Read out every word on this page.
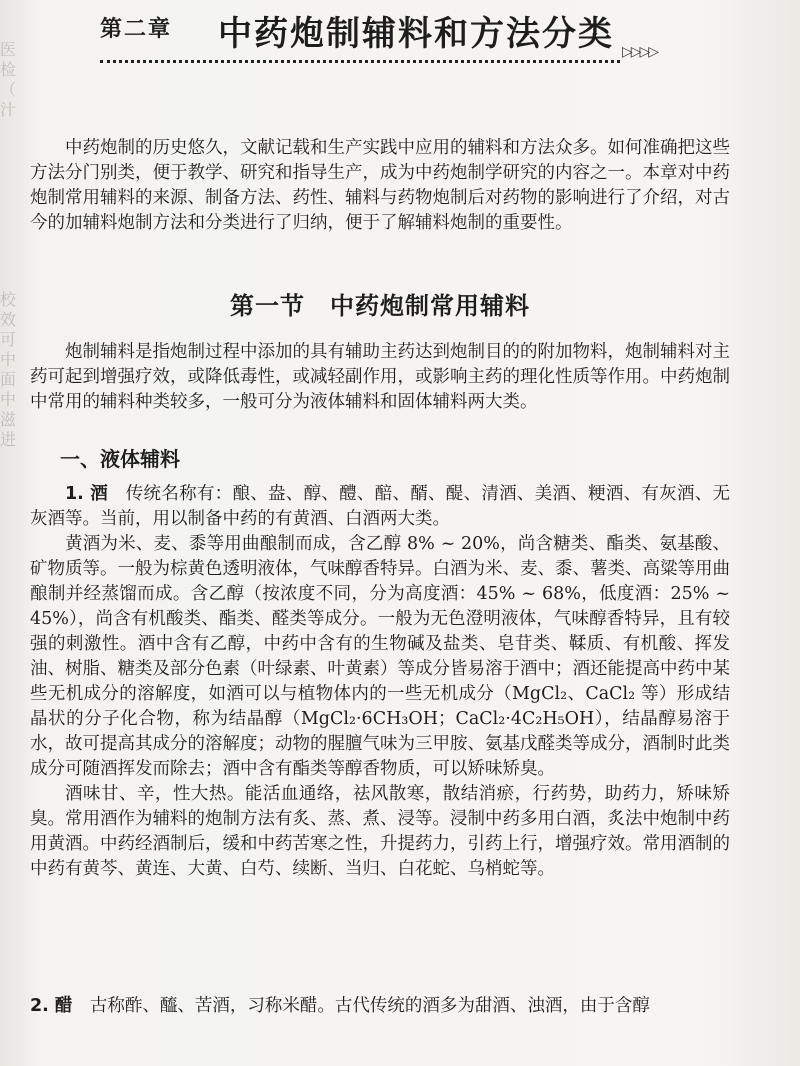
医
检
（
汁
校
效
可
中
面
中
滋
进
第二章 中药炮制辅料和方法分类 ▷▷▷▷

中药炮制的历史悠久，文献记载和生产实践中应用的辅料和方法众多。如何准确把这些方法分门别类，便于教学、研究和指导生产，成为中药炮制学研究的内容之一。本章对中药炮制常用辅料的来源、制备方法、药性、辅料与药物炮制后对药物的影响进行了介绍，对古今的加辅料炮制方法和分类进行了归纳，便于了解辅料炮制的重要性。

第一节　中药炮制常用辅料

炮制辅料是指炮制过程中添加的具有辅助主药达到炮制目的的附加物料，炮制辅料对主药可起到增强疗效，或降低毒性，或减轻副作用，或影响主药的理化性质等作用。中药炮制中常用的辅料种类较多，一般可分为液体辅料和固体辅料两大类。

一、液体辅料

1. 酒　 传统名称有：酿、盎、醇、醴、醅、醑、醍、清酒、美酒、粳酒、有灰酒、无灰酒等。当前，用以制备中药的有黄酒、白酒两大类。

黄酒为米、麦、黍等用曲酿制而成，含乙醇 8% ~ 20%，尚含糖类、酯类、氨基酸、矿物质等。一般为棕黄色透明液体，气味醇香特异。白酒为米、麦、黍、薯类、高粱等用曲酿制并经蒸馏而成。含乙醇（按浓度不同，分为高度酒：45% ~ 68%，低度酒：25% ~ 45%），尚含有机酸类、酯类、醛类等成分。一般为无色澄明液体，气味醇香特异，且有较强的刺激性。酒中含有乙醇，中药中含有的生物碱及盐类、皂苷类、鞣质、有机酸、挥发油、树脂、糖类及部分色素（叶绿素、叶黄素）等成分皆易溶于酒中；酒还能提高中药中某些无机成分的溶解度，如酒可以与植物体内的一些无机成分（MgCl₂、CaCl₂ 等）形成结晶状的分子化合物，称为结晶醇（MgCl₂·6CH₃OH；CaCl₂·4C₂H₅OH），结晶醇易溶于水，故可提高其成分的溶解度；动物的腥膻气味为三甲胺、氨基戊醛类等成分，酒制时此类成分可随酒挥发而除去；酒中含有酯类等醇香物质，可以矫味矫臭。

酒味甘、辛，性大热。能活血通络，祛风散寒，散结消瘀，行药势，助药力，矫味矫臭。常用酒作为辅料的炮制方法有炙、蒸、煮、浸等。浸制中药多用白酒，炙法中炮制中药用黄酒。中药经酒制后，缓和中药苦寒之性，升提药力，引药上行，增强疗效。常用酒制的中药有黄芩、黄连、大黄、白芍、续断、当归、白花蛇、乌梢蛇等。

2. 醋　 古称酢、醯、苦酒，习称米醋。古代传统的酒多为甜酒、浊酒，由于含醇
